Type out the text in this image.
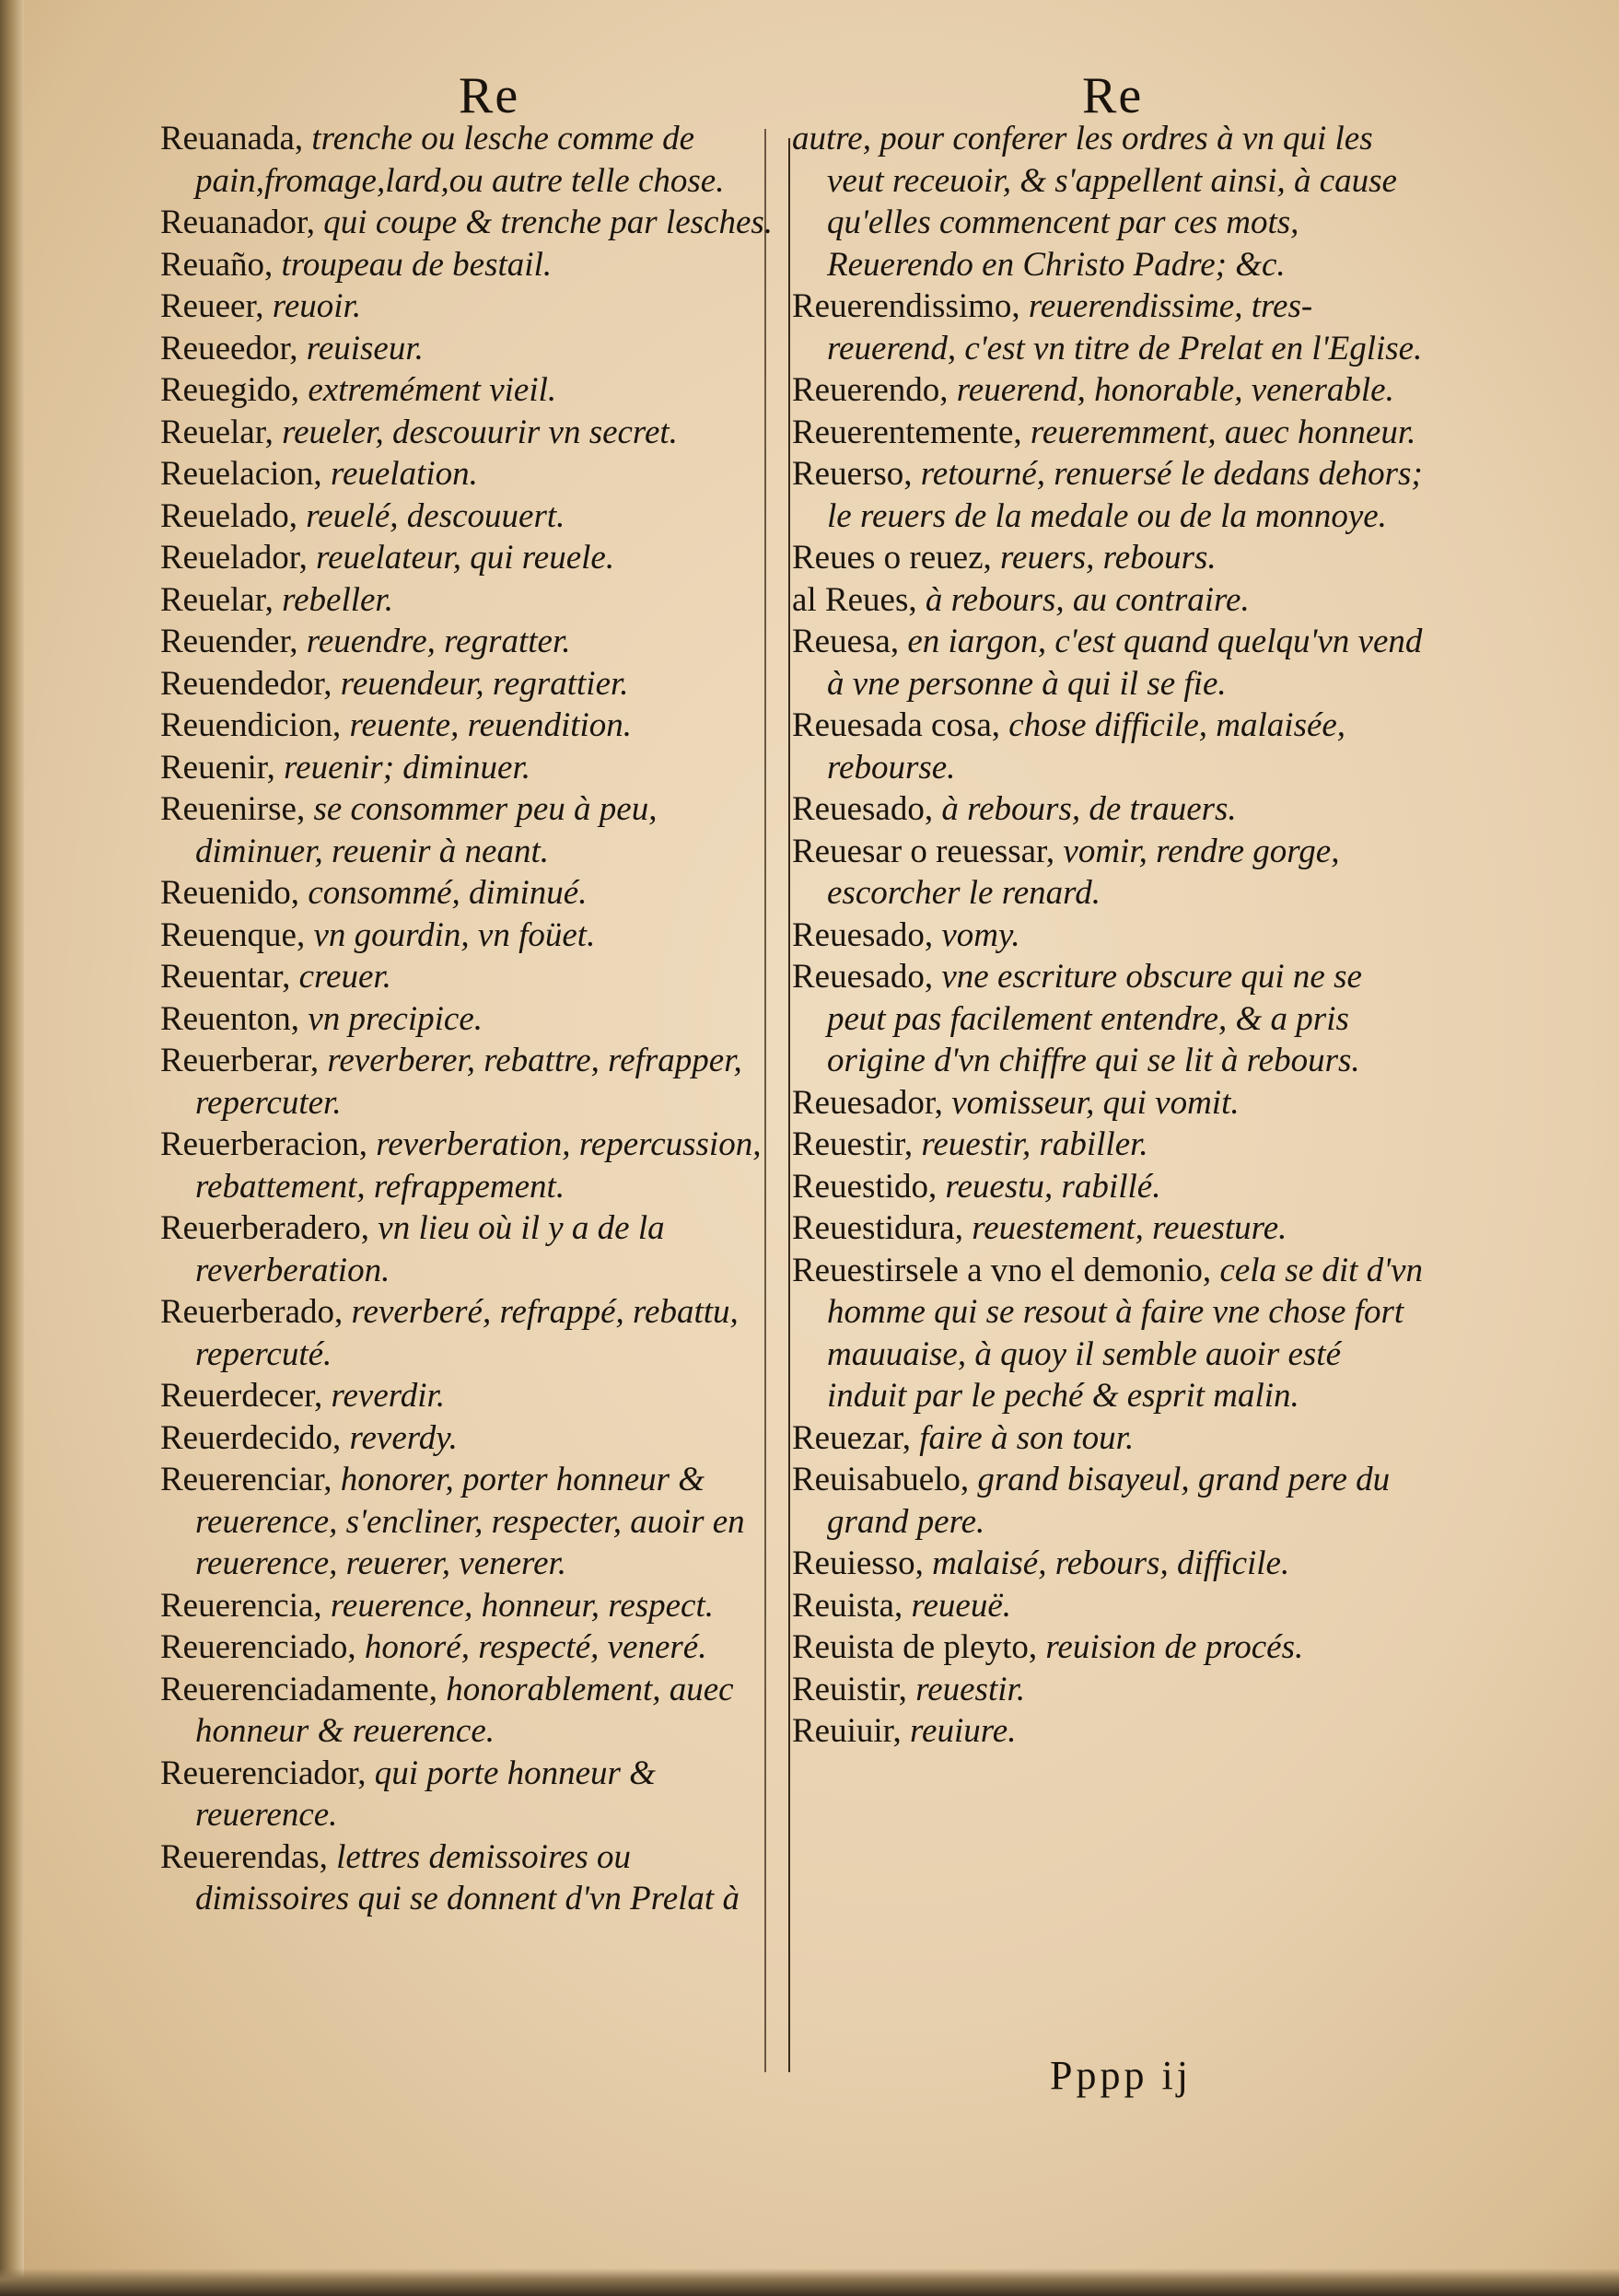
Re	Re

Reuanada, trenche ou lesche comme de pain,fromage,lard,ou autre telle chose.

Reuanador, qui coupe & trenche par lesches.

Reuaño, troupeau de bestail.

Reueer, reuoir.

Reueedor, reuiseur.

Reuegido, extremément vieil.

Reuelar, reueler, descouurir vn secret.

Reuelacion, reuelation.

Reuelado, reuelé, descouuert.

Reuelador, reuelateur, qui reuele.

Reuelar, rebeller.

Reuender, reuendre, regratter.

Reuendedor, reuendeur, regrattier.

Reuendicion, reuente, reuendition.

Reuenir, reuenir; diminuer.

Reuenirse, se consommer peu à peu, diminuer, reuenir à neant.

Reuenido, consommé, diminué.

Reuenque, vn gourdin, vn foüet.

Reuentar, creuer.

Reuenton, vn precipice.

Reuerberar, reverberer, rebattre, refrapper, repercuter.

Reuerberacion, reverberation, repercussion, rebattement, refrappement.

Reuerberadero, vn lieu où il y a de la reverberation.

Reuerberado, reverberé, refrappé, rebattu, repercuté.

Reuerdecer, reverdir.

Reuerdecido, reverdy.

Reuerenciar, honorer, porter honneur & reuerence, s'encliner, respecter, auoir en reuerence, reuerer, venerer.

Reuerencia, reuerence, honneur, respect.

Reuerenciado, honoré, respecté, veneré.

Reuerenciadamente, honorablement, auec honneur & reuerence.

Reuerenciador, qui porte honneur & reuerence.

Reuerendas, lettres demissoires ou dimissoires qui se donnent d'vn Prelat à

autre, pour conferer les ordres à vn qui les veut receuoir, & s'appellent ainsi, à cause qu'elles commencent par ces mots, Reuerendo en Christo Padre; &c.

Reuerendissimo, reuerendissime, tres-reuerend, c'est vn titre de Prelat en l'Eglise.

Reuerendo, reuerend, honorable, venerable.

Reuerentemente, reueremment, auec honneur.

Reuerso, retourné, renuersé le dedans dehors; le reuers de la medale ou de la monnoye.

Reues o reuez, reuers, rebours.

al Reues, à rebours, au contraire.

Reuesa, en iargon, c'est quand quelqu'vn vend à vne personne à qui il se fie.

Reuesada cosa, chose difficile, malaisée, rebourse.

Reuesado, à rebours, de trauers.

Reuesar o reuessar, vomir, rendre gorge, escorcher le renard.

Reuesado, vomy.

Reuesado, vne escriture obscure qui ne se peut pas facilement entendre, & a pris origine d'vn chiffre qui se lit à rebours.

Reuesador, vomisseur, qui vomit.

Reuestir, reuestir, rabiller.

Reuestido, reuestu, rabillé.

Reuestidura, reuestement, reuesture.

Reuestirsele a vno el demonio, cela se dit d'vn homme qui se resout à faire vne chose fort mauuaise, à quoy il semble auoir esté induit par le peché & esprit malin.

Reuezar, faire à son tour.

Reuisabuelo, grand bisayeul, grand pere du grand pere.

Reuiesso, malaisé, rebours, difficile.

Reuista, reueuë.

Reuista de pleyto, reuision de procés.

Reuistir, reuestir.

Reuiuir, reuiure.

Pppp ij
